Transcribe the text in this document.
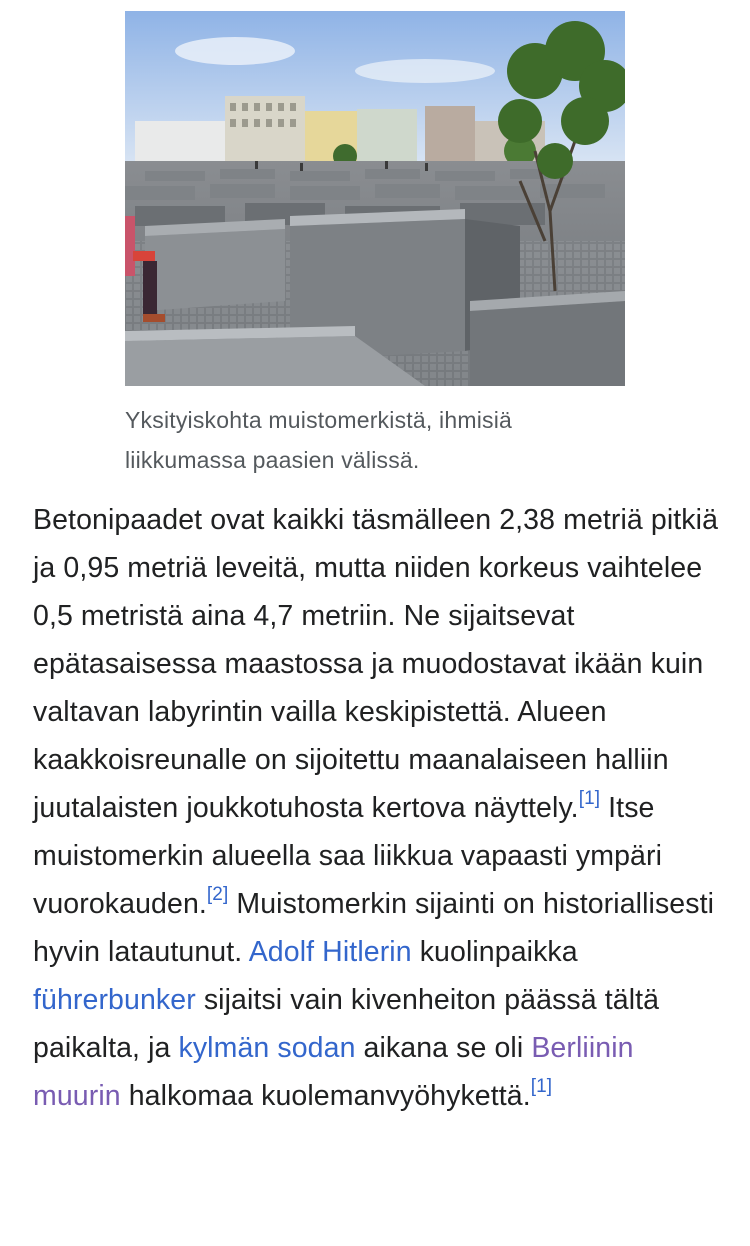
Yksityiskohta muistomerkistä, ihmisiä liikkumassa paasien välissä.

Betonipaadet ovat kaikki täsmälleen 2,38 metriä pitkiä ja 0,95 metriä leveitä, mutta niiden korkeus vaihtelee 0,5 metristä aina 4,7 metriin. Ne sijaitsevat epätasaisessa maastossa ja muodostavat ikään kuin valtavan labyrintin vailla keskipistettä. Alueen kaakkoisreunalle on sijoitettu maanalaiseen halliin juutalaisten joukkotuhosta kertova näyttely.[1] Itse muistomerkin alueella saa liikkua vapaasti ympäri vuorokauden.[2] Muistomerkin sijainti on historiallisesti hyvin latautunut. Adolf Hitlerin kuolinpaikka führerbunker sijaitsi vain kivenheiton päässä tältä paikalta, ja kylmän sodan aikana se oli Berliinin muurin halkomaa kuolemanvyöhykettä.[1]
